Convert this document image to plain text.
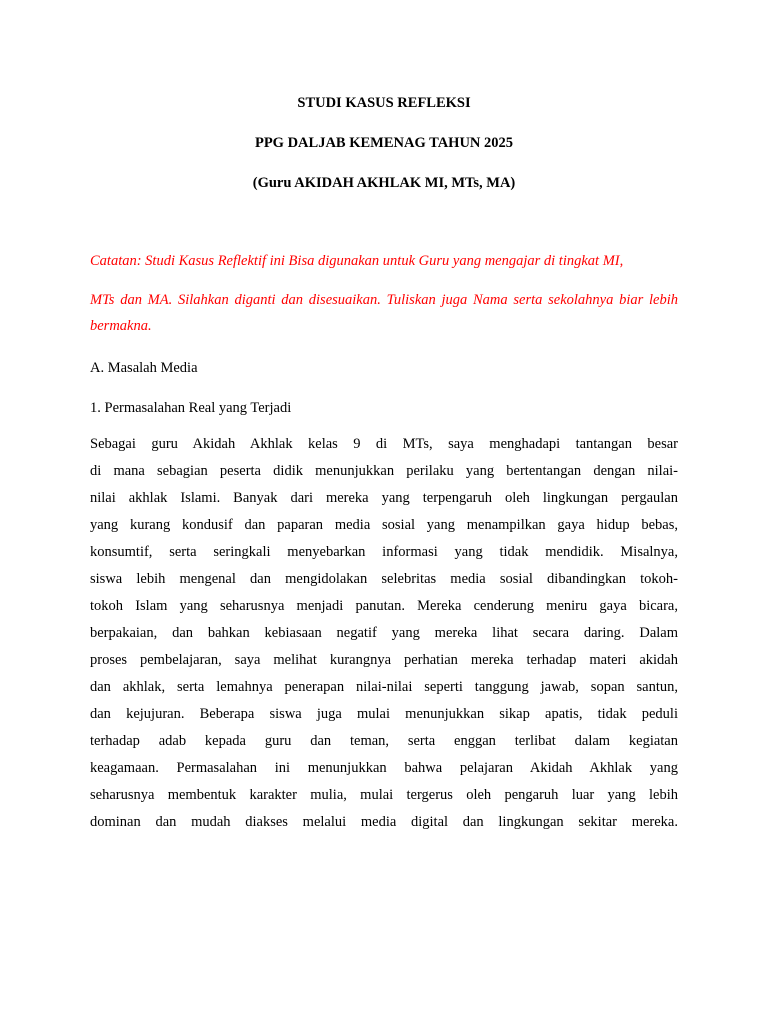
STUDI KASUS REFLEKSI
PPG DALJAB KEMENAG TAHUN 2025
(Guru AKIDAH AKHLAK MI, MTs, MA)
Catatan: Studi Kasus Reflektif ini Bisa digunakan untuk Guru yang mengajar di tingkat MI,
MTs dan MA. Silahkan diganti dan disesuaikan. Tuliskan juga Nama serta sekolahnya biar lebih
bermakna.
A. Masalah Media
1. Permasalahan Real yang Terjadi
Sebagai guru Akidah Akhlak kelas 9 di MTs, saya menghadapi tantangan besar
di mana sebagian peserta didik menunjukkan perilaku yang bertentangan dengan nilai-
nilai akhlak Islami. Banyak dari mereka yang terpengaruh oleh lingkungan pergaulan
yang kurang kondusif dan paparan media sosial yang menampilkan gaya hidup bebas,
konsumtif, serta seringkali menyebarkan informasi yang tidak mendidik. Misalnya,
siswa lebih mengenal dan mengidolakan selebritas media sosial dibandingkan tokoh-
tokoh Islam yang seharusnya menjadi panutan. Mereka cenderung meniru gaya bicara,
berpakaian, dan bahkan kebiasaan negatif yang mereka lihat secara daring. Dalam
proses pembelajaran, saya melihat kurangnya perhatian mereka terhadap materi akidah
dan akhlak, serta lemahnya penerapan nilai-nilai seperti tanggung jawab, sopan santun,
dan kejujuran. Beberapa siswa juga mulai menunjukkan sikap apatis, tidak peduli
terhadap adab kepada guru dan teman, serta enggan terlibat dalam kegiatan
keagamaan. Permasalahan ini menunjukkan bahwa pelajaran Akidah Akhlak yang
seharusnya membentuk karakter mulia, mulai tergerus oleh pengaruh luar yang lebih
dominan dan mudah diakses melalui media digital dan lingkungan sekitar mereka.
